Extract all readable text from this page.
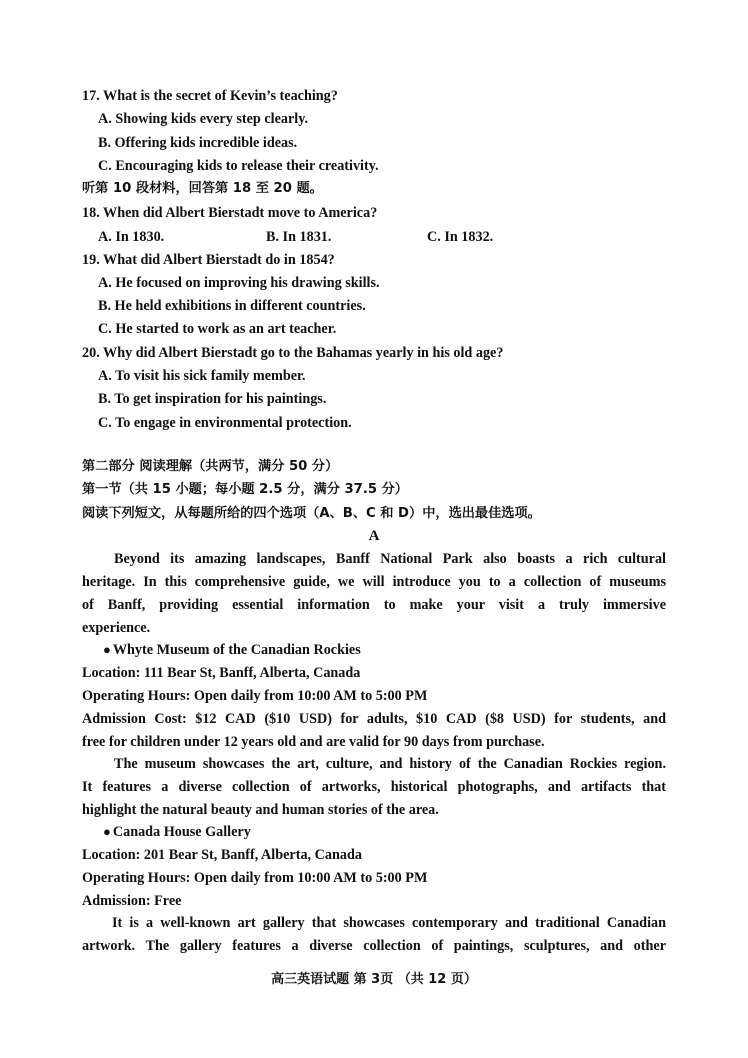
17. What is the secret of Kevin’s teaching?
A. Showing kids every step clearly.
B. Offering kids incredible ideas.
C. Encouraging kids to release their creativity.
听第 10 段材料，回答第 18 至 20 题。
18. When did Albert Bierstadt move to America?
A. In 1830.	B. In 1831.	C. In 1832.
19. What did Albert Bierstadt do in 1854?
A. He focused on improving his drawing skills.
B. He held exhibitions in different countries.
C. He started to work as an art teacher.
20. Why did Albert Bierstadt go to the Bahamas yearly in his old age?
A. To visit his sick family member.
B. To get inspiration for his paintings.
C. To engage in environmental protection.
第二部分 阅读理解（共两节，满分 50 分）
第一节（共 15 小题；每小题 2.5 分，满分 37.5 分）
阅读下列短文，从每题所给的四个选项（A、B、C 和 D）中，选出最佳选项。
A
Beyond its amazing landscapes, Banff National Park also boasts a rich cultural
heritage. In this comprehensive guide, we will introduce you to a collection of museums
of Banff, providing essential information to make your visit a truly immersive
experience.
● Whyte Museum of the Canadian Rockies
Location: 111 Bear St, Banff, Alberta, Canada
Operating Hours: Open daily from 10:00 AM to 5:00 PM
Admission Cost: $12 CAD ($10 USD) for adults, $10 CAD ($8 USD) for students, and
free for children under 12 years old and are valid for 90 days from purchase.
The museum showcases the art, culture, and history of the Canadian Rockies region.
It features a diverse collection of artworks, historical photographs, and artifacts that
highlight the natural beauty and human stories of the area.
● Canada House Gallery
Location: 201 Bear St, Banff, Alberta, Canada
Operating Hours: Open daily from 10:00 AM to 5:00 PM
Admission: Free
It is a well-known art gallery that showcases contemporary and traditional Canadian
artwork. The gallery features a diverse collection of paintings, sculptures, and other
高三英语试题 第 3页 （共 12 页）
